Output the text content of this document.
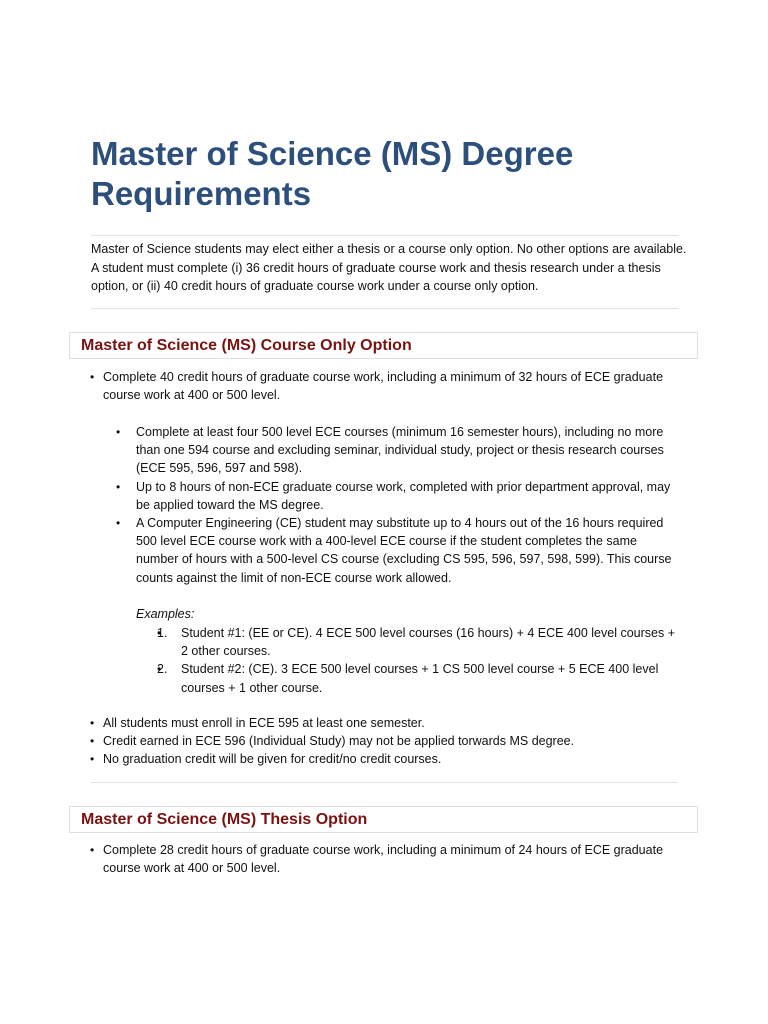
Master of Science (MS) Degree Requirements

Master of Science students may elect either a thesis or a course only option. No other options are available. A student must complete (i) 36 credit hours of graduate course work and thesis research under a thesis option, or (ii) 40 credit hours of graduate course work under a course only option.

Master of Science (MS) Course Only Option
• Complete 40 credit hours of graduate course work, including a minimum of 32 hours of ECE graduate course work at 400 or 500 level.
• Complete at least four 500 level ECE courses (minimum 16 semester hours), including no more than one 594 course and excluding seminar, individual study, project or thesis research courses (ECE 595, 596, 597 and 598).
• Up to 8 hours of non-ECE graduate course work, completed with prior department approval, may be applied toward the MS degree.
• A Computer Engineering (CE) student may substitute up to 4 hours out of the 16 hours required 500 level ECE course work with a 400-level ECE course if the student completes the same number of hours with a 500-level CS course (excluding CS 595, 596, 597, 598, 599). This course counts against the limit of non-ECE course work allowed.

Examples:

• 1. Student #1: (EE or CE). 4 ECE 500 level courses (16 hours) + 4 ECE 400 level courses + 2 other courses.
• 2. Student #2: (CE). 3 ECE 500 level courses + 1 CS 500 level course + 5 ECE 400 level courses + 1 other course.
• All students must enroll in ECE 595 at least one semester.
• Credit earned in ECE 596 (Individual Study) may not be applied torwards MS degree.
• No graduation credit will be given for credit/no credit courses.
Master of Science (MS) Thesis Option
• Complete 28 credit hours of graduate course work, including a minimum of 24 hours of ECE graduate course work at 400 or 500 level.
